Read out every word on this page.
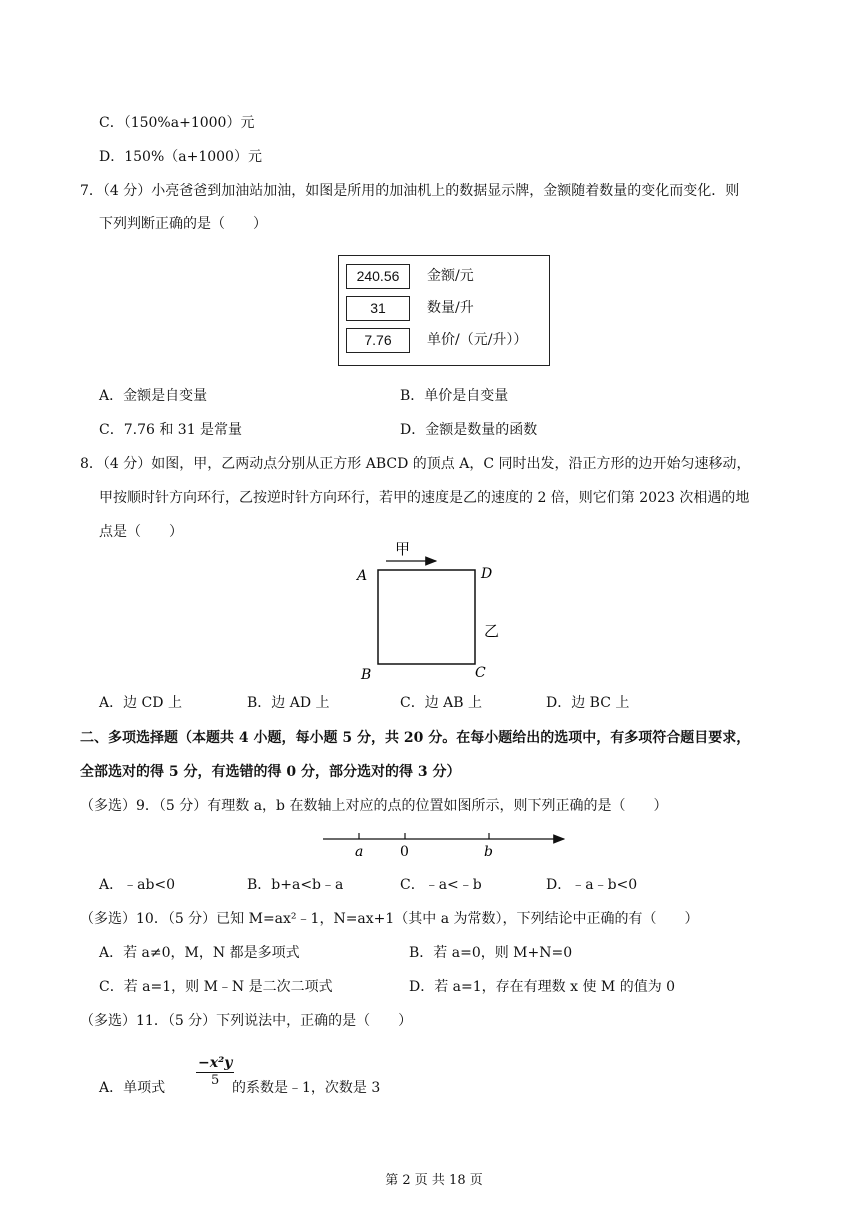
C．（150%a+1000）元
D．150%（a+1000）元
7．（4 分）小亮爸爸到加油站加油，如图是所用的加油机上的数据显示牌，金额随着数量的变化而变化．则
下列判断正确的是（　　）
240.56	金额/元
31	数量/升
7.76	单价/（元/升））
A．金额是自变量	B．单价是自变量
C．7.76 和 31 是常量	D．金额是数量的函数
8．（4 分）如图，甲，乙两动点分别从正方形 ABCD 的顶点 A，C 同时出发，沿正方形的边开始匀速移动，
甲按顺时针方向环行，乙按逆时针方向环行，若甲的速度是乙的速度的 2 倍，则它们第 2023 次相遇的地
点是（　　）
甲
A	D
B	C
乙
A．边 CD 上	B．边 AD 上	C．边 AB 上	D．边 BC 上
二、多项选择题（本题共 4 小题，每小题 5 分，共 20 分。在每小题给出的选项中，有多项符合题目要求，
全部选对的得 5 分，有选错的得 0 分，部分选对的得 3 分）
（多选）9．（5 分）有理数 a，b 在数轴上对应的点的位置如图所示，则下列正确的是（　　）
a	0	b
A．﹣ab<0	B．b+a<b﹣a	C．﹣a<﹣b	D．﹣a﹣b<0
（多选）10．（5 分）已知 M=ax²﹣1，N=ax+1（其中 a 为常数），下列结论中正确的有（　　）
A．若 a≠0，M，N 都是多项式	B．若 a=0，则 M+N=0
C．若 a=1，则 M﹣N 是二次二项式	D．若 a=1，存在有理数 x 使 M 的值为 0
（多选）11．（5 分）下列说法中，正确的是（　　）
A．单项式 $\frac{\text{−x²y}}{5}$
的系数是﹣1，次数是 3
第 2 页 共 18 页
